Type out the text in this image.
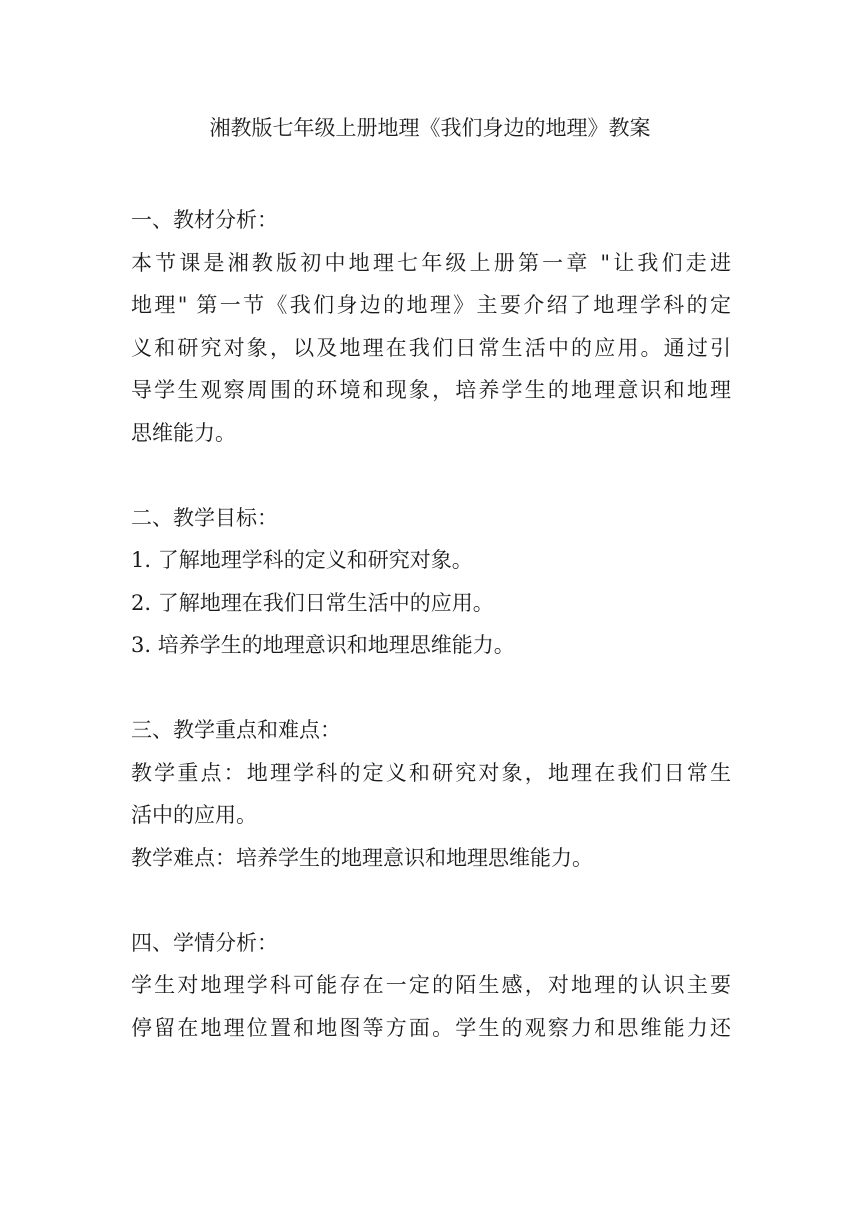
湘教版七年级上册地理《我们身边的地理》教案
一、教材分析：
本节课是湘教版初中地理七年级上册第一章 "让我们走进
地理" 第一节《我们身边的地理》主要介绍了地理学科的定
义和研究对象，以及地理在我们日常生活中的应用。通过引
导学生观察周围的环境和现象，培养学生的地理意识和地理
思维能力。
二、教学目标：
1. 了解地理学科的定义和研究对象。
2. 了解地理在我们日常生活中的应用。
3. 培养学生的地理意识和地理思维能力。
三、教学重点和难点：
教学重点：地理学科的定义和研究对象，地理在我们日常生
活中的应用。
教学难点：培养学生的地理意识和地理思维能力。
四、学情分析：
学生对地理学科可能存在一定的陌生感，对地理的认识主要
停留在地理位置和地图等方面。学生的观察力和思维能力还
